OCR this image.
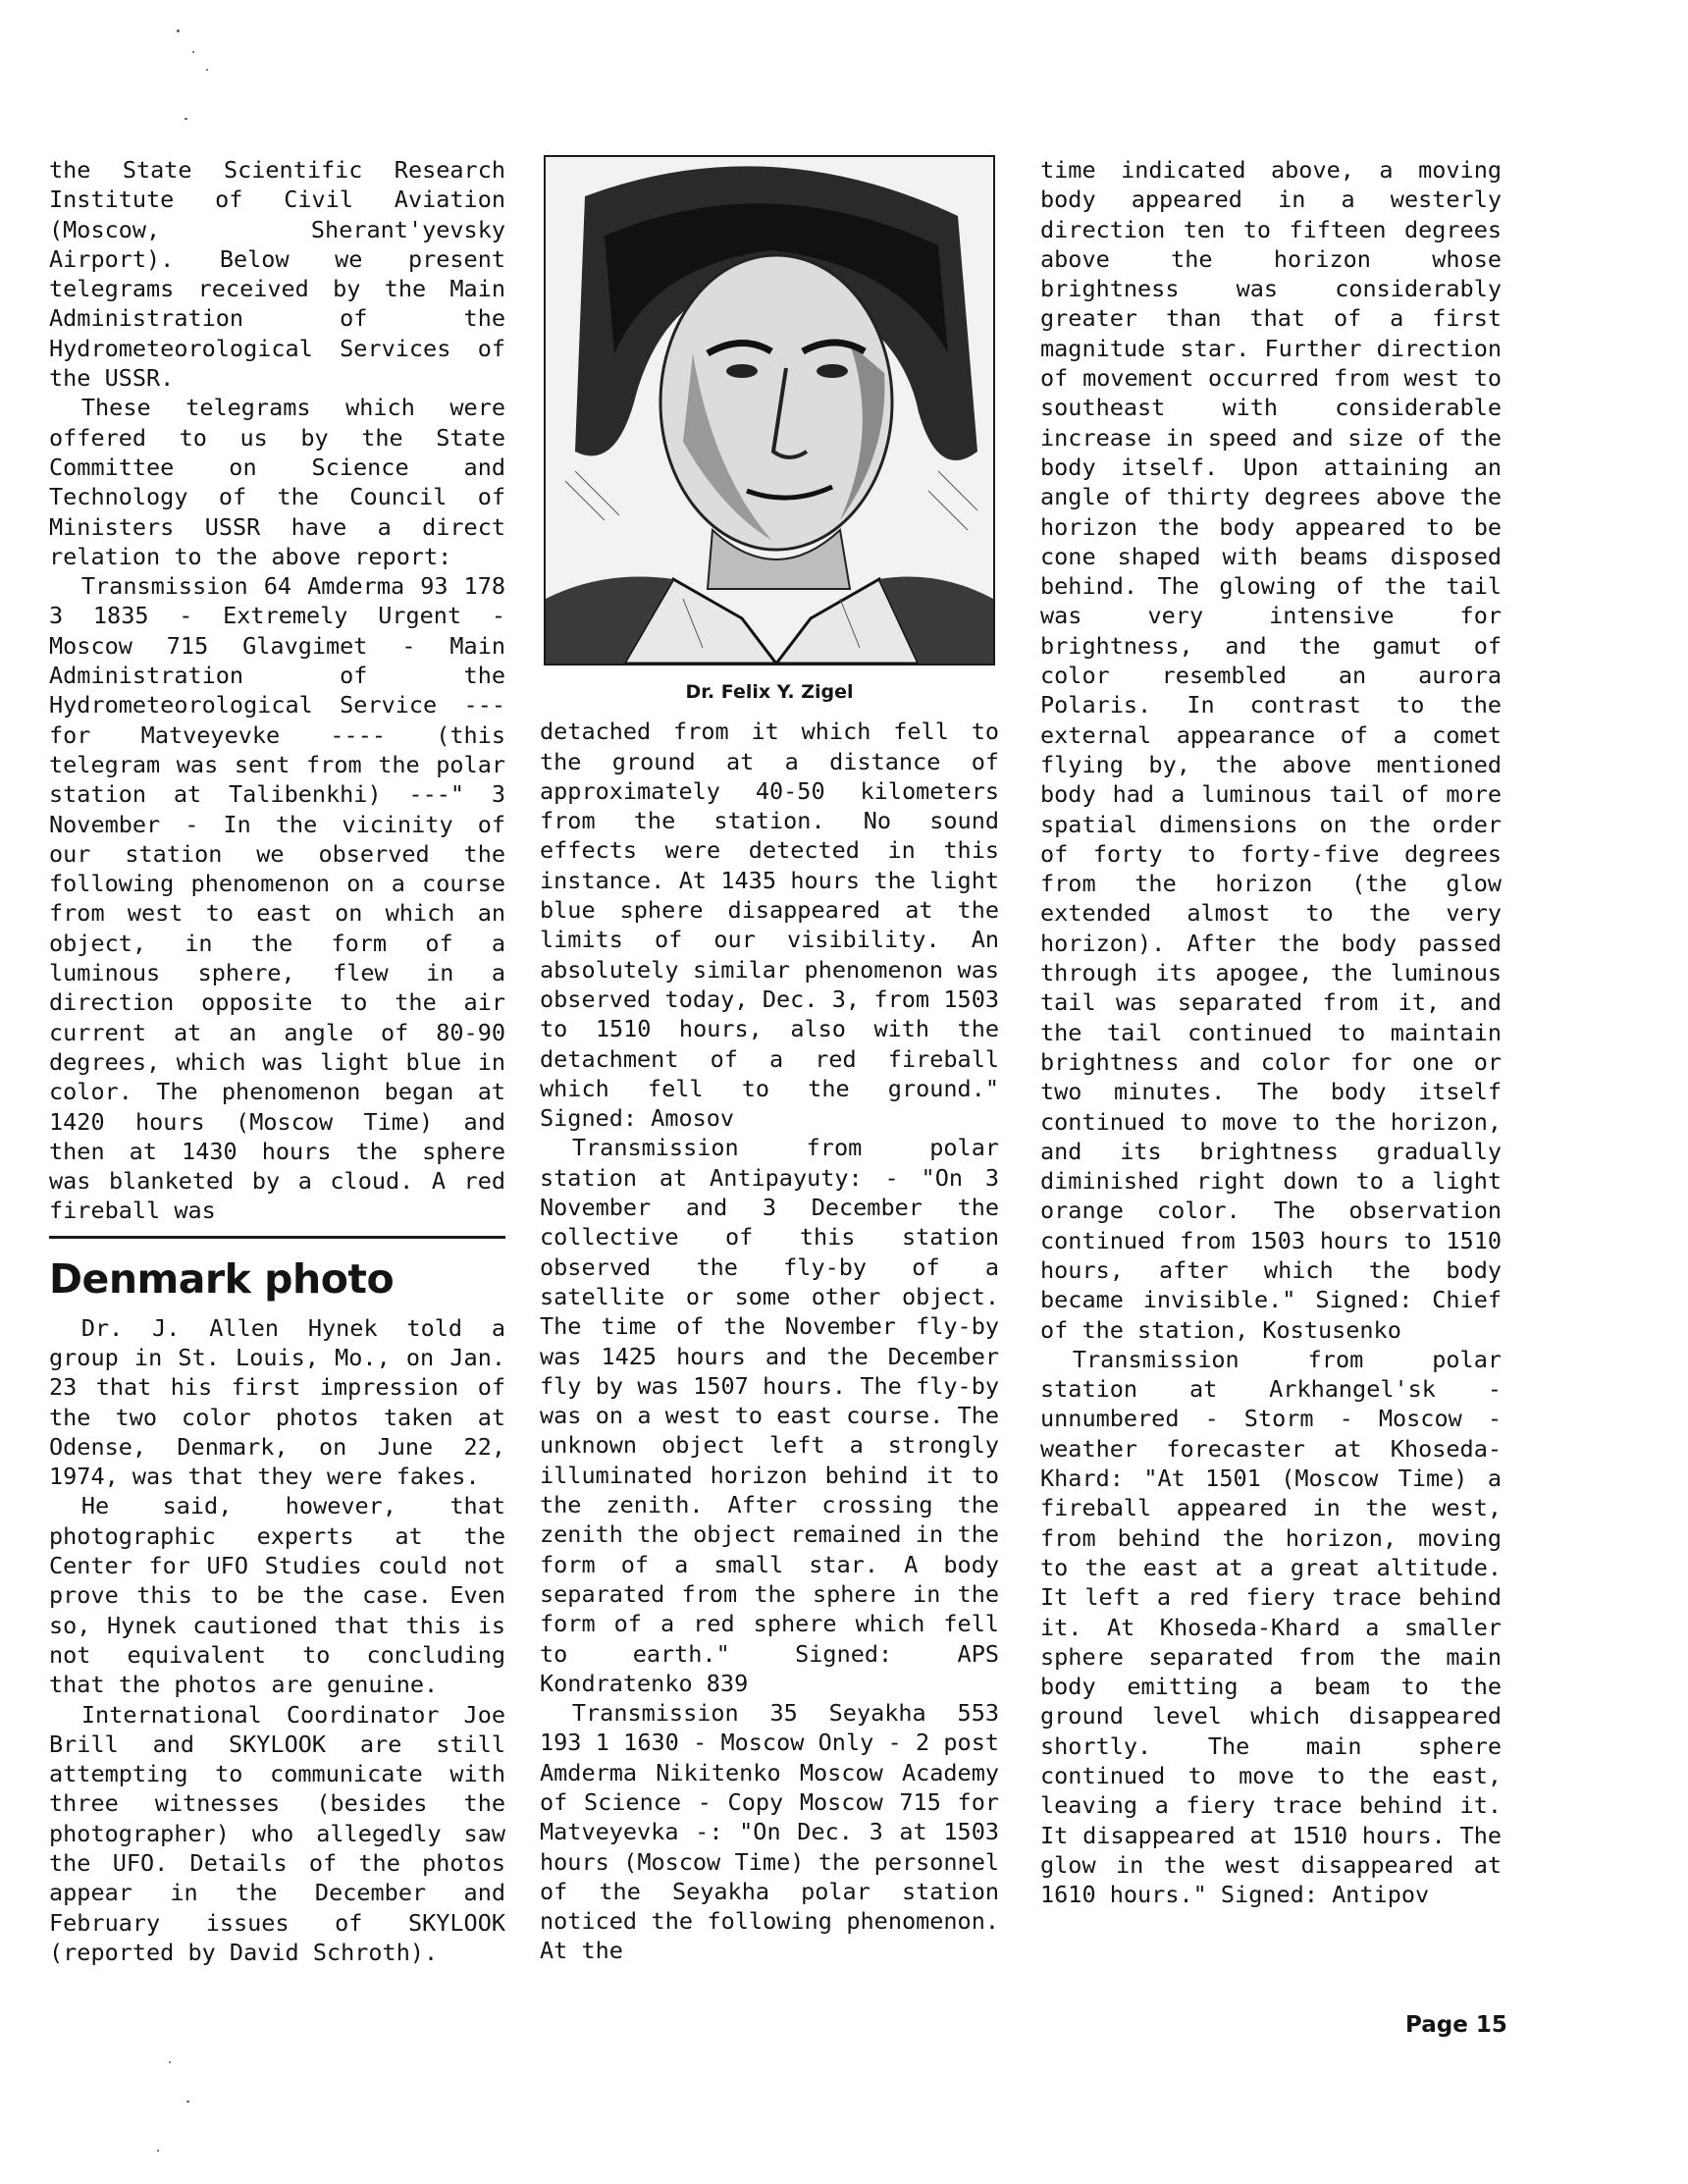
the State Scientific Research Institute of Civil Aviation (Moscow, Sherant'yevsky Airport). Below we present telegrams received by the Main Administration of the Hydrometeorological Services of the USSR.

These telegrams which were offered to us by the State Committee on Science and Technology of the Council of Ministers USSR have a direct relation to the above report:

Transmission 64 Amderma 93 178 3 1835 - Extremely Urgent - Moscow 715 Glavgimet - Main Administration of the Hydrometeorological Service --- for Matveyevke ---- (this telegram was sent from the polar station at Talibenkhi) ---" 3 November - In the vicinity of our station we observed the following phenomenon on a course from west to east on which an object, in the form of a luminous sphere, flew in a direction opposite to the air current at an angle of 80-90 degrees, which was light blue in color. The phenomenon began at 1420 hours (Moscow Time) and then at 1430 hours the sphere was blanketed by a cloud. A red fireball was

Denmark photo

Dr. J. Allen Hynek told a group in St. Louis, Mo., on Jan. 23 that his first impression of the two color photos taken at Odense, Denmark, on June 22, 1974, was that they were fakes.

He said, however, that photographic experts at the Center for UFO Studies could not prove this to be the case. Even so, Hynek cautioned that this is not equivalent to concluding that the photos are genuine.

International Coordinator Joe Brill and SKYLOOK are still attempting to communicate with three witnesses (besides the photographer) who allegedly saw the UFO. Details of the photos appear in the December and February issues of SKYLOOK (reported by David Schroth).

Dr. Felix Y. Zigel

detached from it which fell to the ground at a distance of approximately 40-50 kilometers from the station. No sound effects were detected in this instance. At 1435 hours the light blue sphere disappeared at the limits of our visibility. An absolutely similar phenomenon was observed today, Dec. 3, from 1503 to 1510 hours, also with the detachment of a red fireball which fell to the ground." Signed: Amosov

Transmission from polar station at Antipayuty: - "On 3 November and 3 December the collective of this station observed the fly-by of a satellite or some other object. The time of the November fly-by was 1425 hours and the December fly by was 1507 hours. The fly-by was on a west to east course. The unknown object left a strongly illuminated horizon behind it to the zenith. After crossing the zenith the object remained in the form of a small star. A body separated from the sphere in the form of a red sphere which fell to earth." Signed: APS Kondratenko 839

Transmission 35 Seyakha 553 193 1 1630 - Moscow Only - 2 post Amderma Nikitenko Moscow Academy of Science - Copy Moscow 715 for Matveyevka -: "On Dec. 3 at 1503 hours (Moscow Time) the personnel of the Seyakha polar station noticed the following phenomenon. At the

time indicated above, a moving body appeared in a westerly direction ten to fifteen degrees above the horizon whose brightness was considerably greater than that of a first magnitude star. Further direction of movement occurred from west to southeast with considerable increase in speed and size of the body itself. Upon attaining an angle of thirty degrees above the horizon the body appeared to be cone shaped with beams disposed behind. The glowing of the tail was very intensive for brightness, and the gamut of color resembled an aurora Polaris. In contrast to the external appearance of a comet flying by, the above mentioned body had a luminous tail of more spatial dimensions on the order of forty to forty-five degrees from the horizon (the glow extended almost to the very horizon). After the body passed through its apogee, the luminous tail was separated from it, and the tail continued to maintain brightness and color for one or two minutes. The body itself continued to move to the horizon, and its brightness gradually diminished right down to a light orange color. The observation continued from 1503 hours to 1510 hours, after which the body became invisible." Signed: Chief of the station, Kostusenko

Transmission from polar station at Arkhangel'sk - unnumbered - Storm - Moscow - weather forecaster at Khoseda-Khard: "At 1501 (Moscow Time) a fireball appeared in the west, from behind the horizon, moving to the east at a great altitude. It left a red fiery trace behind it. At Khoseda-Khard a smaller sphere separated from the main body emitting a beam to the ground level which disappeared shortly. The main sphere continued to move to the east, leaving a fiery trace behind it. It disappeared at 1510 hours. The glow in the west disappeared at 1610 hours." Signed: Antipov

Page 15
